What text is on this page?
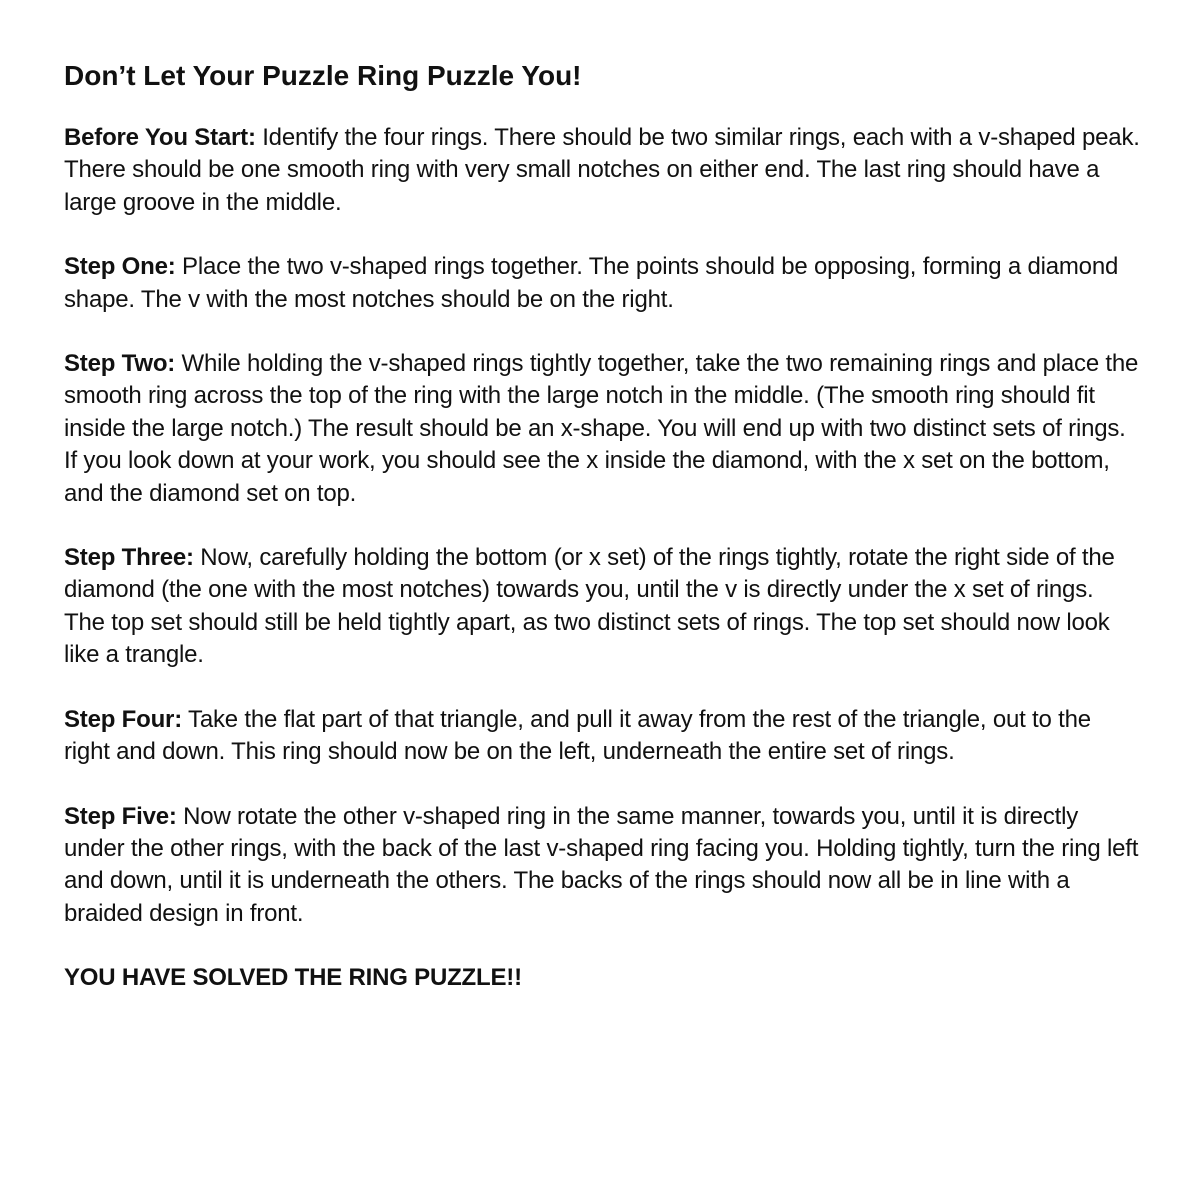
Don’t Let Your Puzzle Ring Puzzle You!

Before You Start: Identify the four rings. There should be two similar rings, each with a v-shaped peak. There should be one smooth ring with very small notches on either end. The last ring should have a large groove in the middle.

Step One: Place the two v-shaped rings together. The points should be opposing, forming a diamond shape. The v with the most notches should be on the right.

Step Two: While holding the v-shaped rings tightly together, take the two remaining rings and place the smooth ring across the top of the ring with the large notch in the middle. (The smooth ring should fit inside the large notch.) The result should be an x-shape. You will end up with two distinct sets of rings. If you look down at your work, you should see the x inside the diamond, with the x set on the bottom, and the diamond set on top.

Step Three: Now, carefully holding the bottom (or x set) of the rings tightly, rotate the right side of the diamond (the one with the most notches) towards you, until the v is directly under the x set of rings. The top set should still be held tightly apart, as two distinct sets of rings. The top set should now look like a trangle.

Step Four: Take the flat part of that triangle, and pull it away from the rest of the triangle, out to the right and down. This ring should now be on the left, underneath the entire set of rings.

Step Five: Now rotate the other v-shaped ring in the same manner, towards you, until it is directly under the other rings, with the back of the last v-shaped ring facing you. Holding tightly, turn the ring left and down, until it is underneath the others. The backs of the rings should now all be in line with a braided design in front.

YOU HAVE SOLVED THE RING PUZZLE!!
